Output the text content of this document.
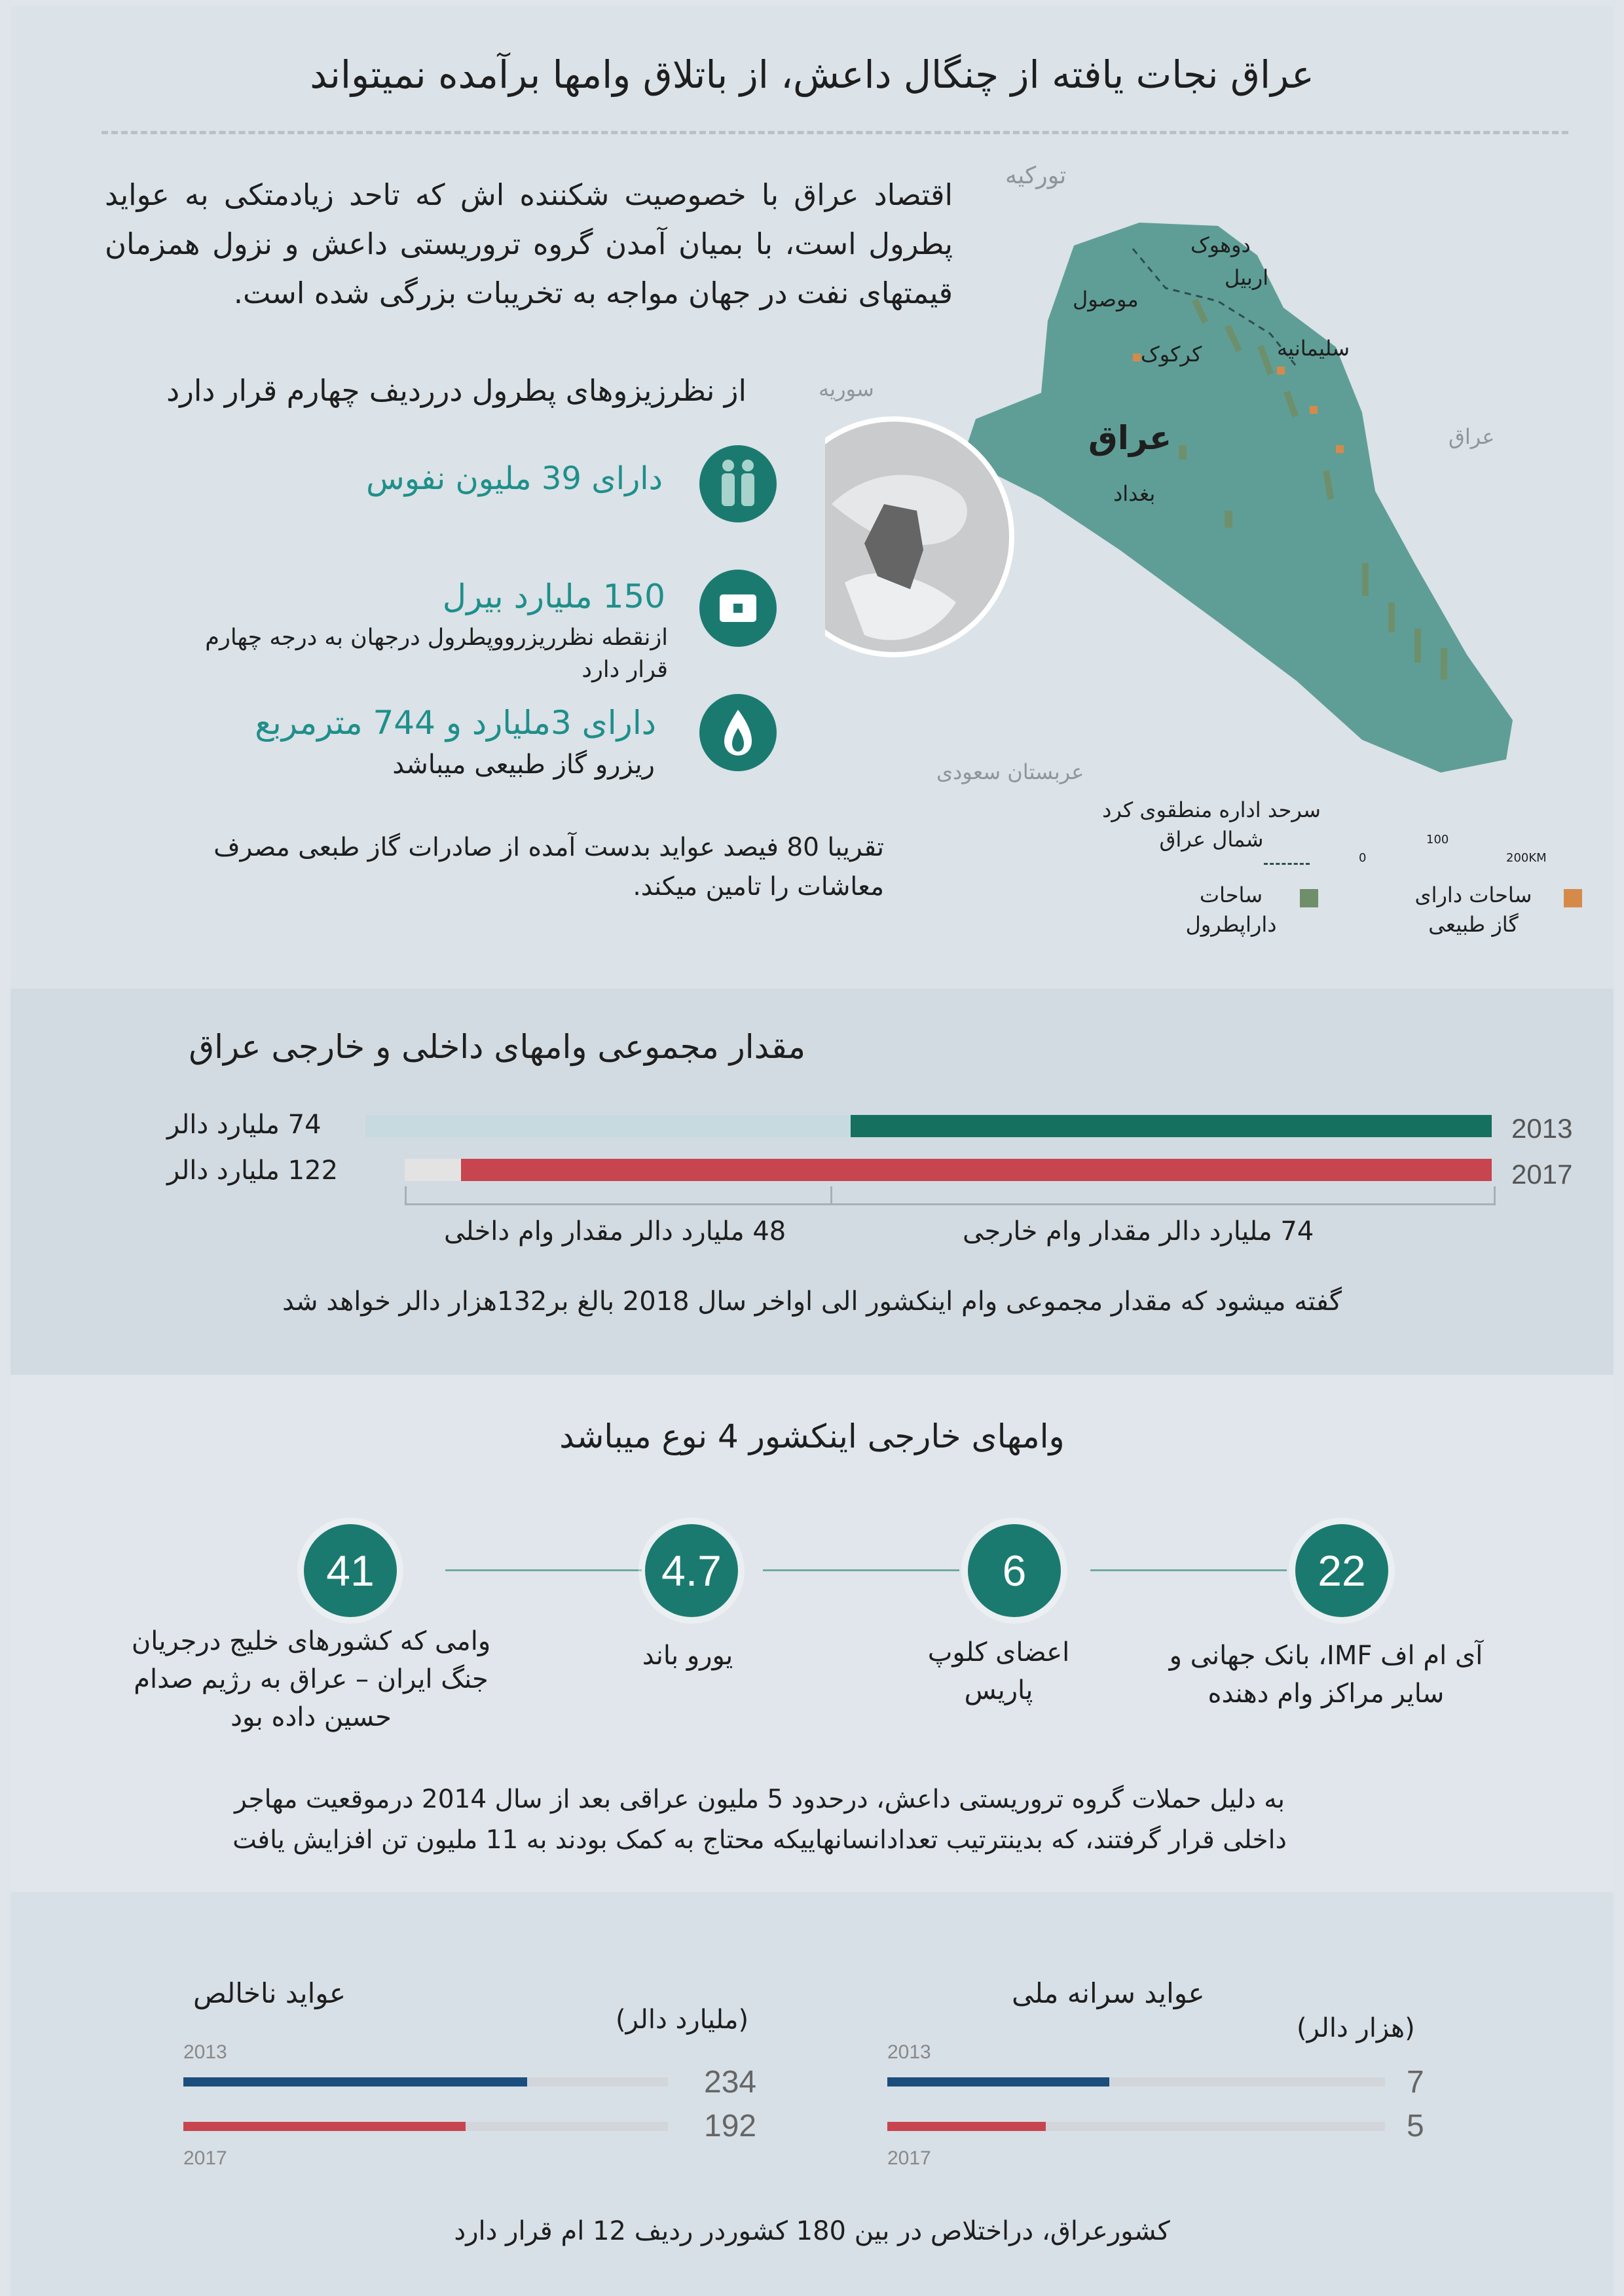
عراق نجات یافته از چنگال داعش، از باتلاق وامها برآمده نمیتواند
اقتصاد عراق با خصوصیت شکننده اش که تاحد زیادمتکی به عواید پطرول است، با بمیان آمدن گروه تروریستی داعش و نزول همزمان قیمتهای نفت در جهان مواجه به تخریبات بزرگی شده است.
از نظرزیزوهای پطرول درردیف چهارم قرار دارد
دارای 39 ملیون نفوس
150 ملیارد بیرل
ازنقطه نظرریزرووپطرول درجهان به درجه چهارم قرار دارد
دارای 3ملیارد و 744 مترمربع
ریزرو گاز طبیعی میباشد
تقریبا 80 فیصد عواید بدست آمده از صادرات گاز طبعی مصرف معاشات را تامین میکند.
تورکیه
سوریه
عراق
عربستان سعودی
عراق
دوهوک
اربیل
موصول
کرکوک	سلیمانیه
بغداد
سرحد اداره منطقوی کرد شمال عراق
0
100
200KM
ساحات داراپطرول
ساحات دارای گاز طبیعی
مقدار مجموعی وامهای داخلی و خارجی عراق
74 ملیارد دالر
122 ملیارد دالر
2013
2017
48 ملیارد دالر مقدار وام داخلی	74 ملیارد دالر مقدار وام خارجی
گفته میشود که مقدار مجموعی وام اینکشور الی اواخر سال 2018 بالغ بر132هزار دالر خواهد شد
وامهای خارجی اینکشور 4 نوع میباشد
22
6
4.7
41
آی ام اف IMF، بانک جهانی و سایر مراکز وام دهنده
اعضای کلوپ پاریس
یورو باند
وامی که کشورهای خلیج درجریان جنگ ایران – عراق به رژیم صدام حسین داده بود
به دلیل حملات گروه تروریستی داعش، درحدود 5 ملیون عراقی بعد از سال 2014 درموقعیت مهاجر داخلی قرار گرفتند، که بدینترتیب تعدادانسانهاییکه محتاج به کمک بودند به 11 ملیون تن افزایش یافت
عواید ناخالص
(ملیارد دالر)
2013
2017
234
192
عواید سرانه ملی
(هزار دالر)
2013
2017
7
5
کشورعراق، دراختلاص در بین 180 کشوردر ردیف 12 ام قرار دارد
